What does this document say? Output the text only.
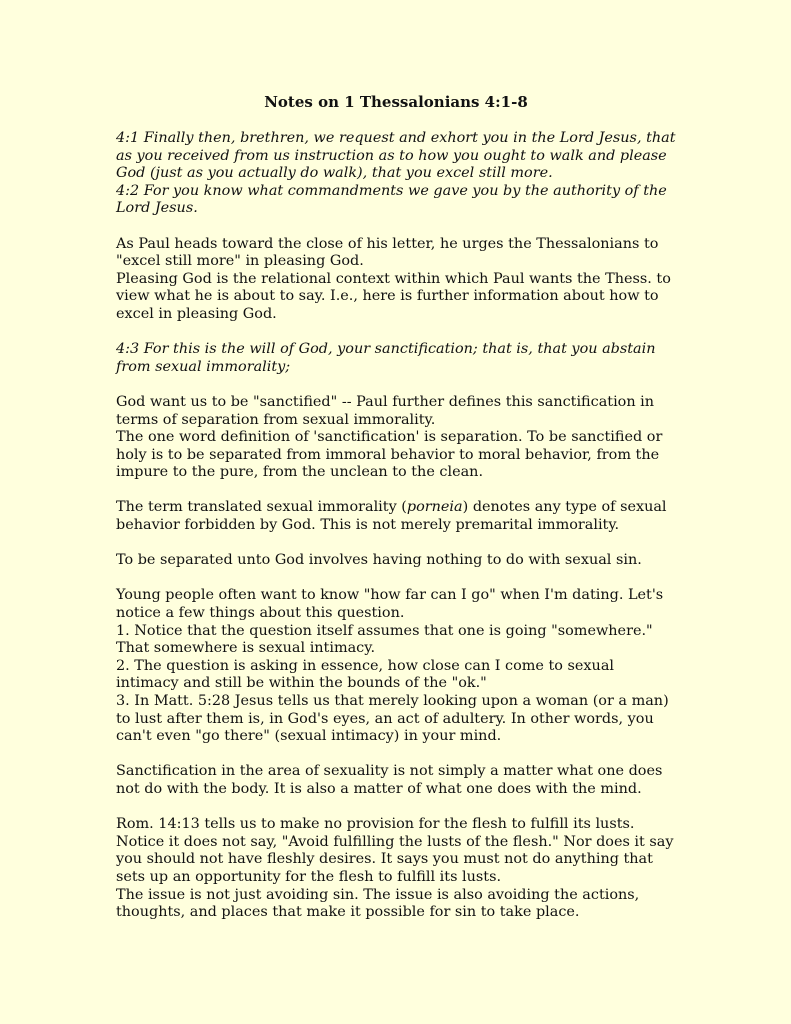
Notes on 1 Thessalonians 4:1-8

4:1 Finally then, brethren, we request and exhort you in the Lord Jesus, that as you received from us instruction as to how you ought to walk and please God (just as you actually do walk), that you excel still more.

4:2 For you know what commandments we gave you by the authority of the Lord Jesus.

As Paul heads toward the close of his letter, he urges the Thessalonians to "excel still more" in pleasing God.

Pleasing God is the relational context within which Paul wants the Thess. to view what he is about to say. I.e., here is further information about how to excel in pleasing God.

4:3 For this is the will of God, your sanctification; that is, that you abstain from sexual immorality;

God want us to be "sanctified" -- Paul further defines this sanctification in terms of separation from sexual immorality.

The one word definition of 'sanctification' is separation. To be sanctified or holy is to be separated from immoral behavior to moral behavior, from the impure to the pure, from the unclean to the clean.

The term translated sexual immorality (porneia) denotes any type of sexual behavior forbidden by God. This is not merely premarital immorality.

To be separated unto God involves having nothing to do with sexual sin.

Young people often want to know "how far can I go" when I'm dating. Let's notice a few things about this question.

1. Notice that the question itself assumes that one is going "somewhere." That somewhere is sexual intimacy.

2. The question is asking in essence, how close can I come to sexual intimacy and still be within the bounds of the "ok."

3. In Matt. 5:28 Jesus tells us that merely looking upon a woman (or a man) to lust after them is, in God's eyes, an act of adultery. In other words, you can't even "go there" (sexual intimacy) in your mind.

Sanctification in the area of sexuality is not simply a matter what one does not do with the body. It is also a matter of what one does with the mind.

Rom. 14:13 tells us to make no provision for the flesh to fulfill its lusts. Notice it does not say, "Avoid fulfilling the lusts of the flesh." Nor does it say you should not have fleshly desires. It says you must not do anything that sets up an opportunity for the flesh to fulfill its lusts.

The issue is not just avoiding sin. The issue is also avoiding the actions, thoughts, and places that make it possible for sin to take place.
